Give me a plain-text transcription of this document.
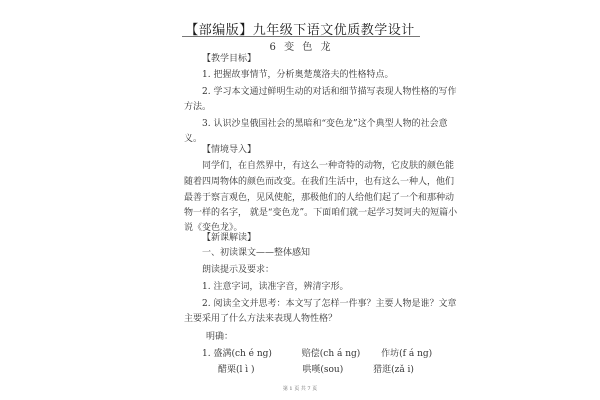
【部编版】九年级下语文优质教学设计
6 变 色 龙
【教学目标】
1. 把握故事情节，分析奥楚蔑洛夫的性格特点。
2. 学习本文通过鲜明生动的对话和细节描写表现人物性格的写作
方法。
3. 认识沙皇俄国社会的黑暗和“变色龙”这个典型人物的社会意
义。
【情境导入】
同学们，在自然界中，有这么一种奇特的动物，它皮肤的颜色能
随着四周物体的颜色而改变。在我们生活中，也有这么一种人，他们
最善于察言观色，见风使舵，那极他们的人给他们起了一个和那种动
物一样的名字， 就是“变色龙”。下面咱们就一起学习契诃夫的短篇小
说《变色龙》。
【新课解读】
一、初读课文——整体感知
朗读提示及要求：
1. 注意字词，读准字音，辨清字形。
2. 阅读全文并思考：本文写了怎样一件事？主要人物是谁？文章
主要采用了什么方法来表现人物性格？
第 1 页 共 7 页
明确：
1. 盛满(ch é ng)　　　 赔偿(ch á ng)　　 作坊(f á ng)
醋栗(l ì )　　　　　 哄嘆(sou)　　　 猎逛(zǎ i)
